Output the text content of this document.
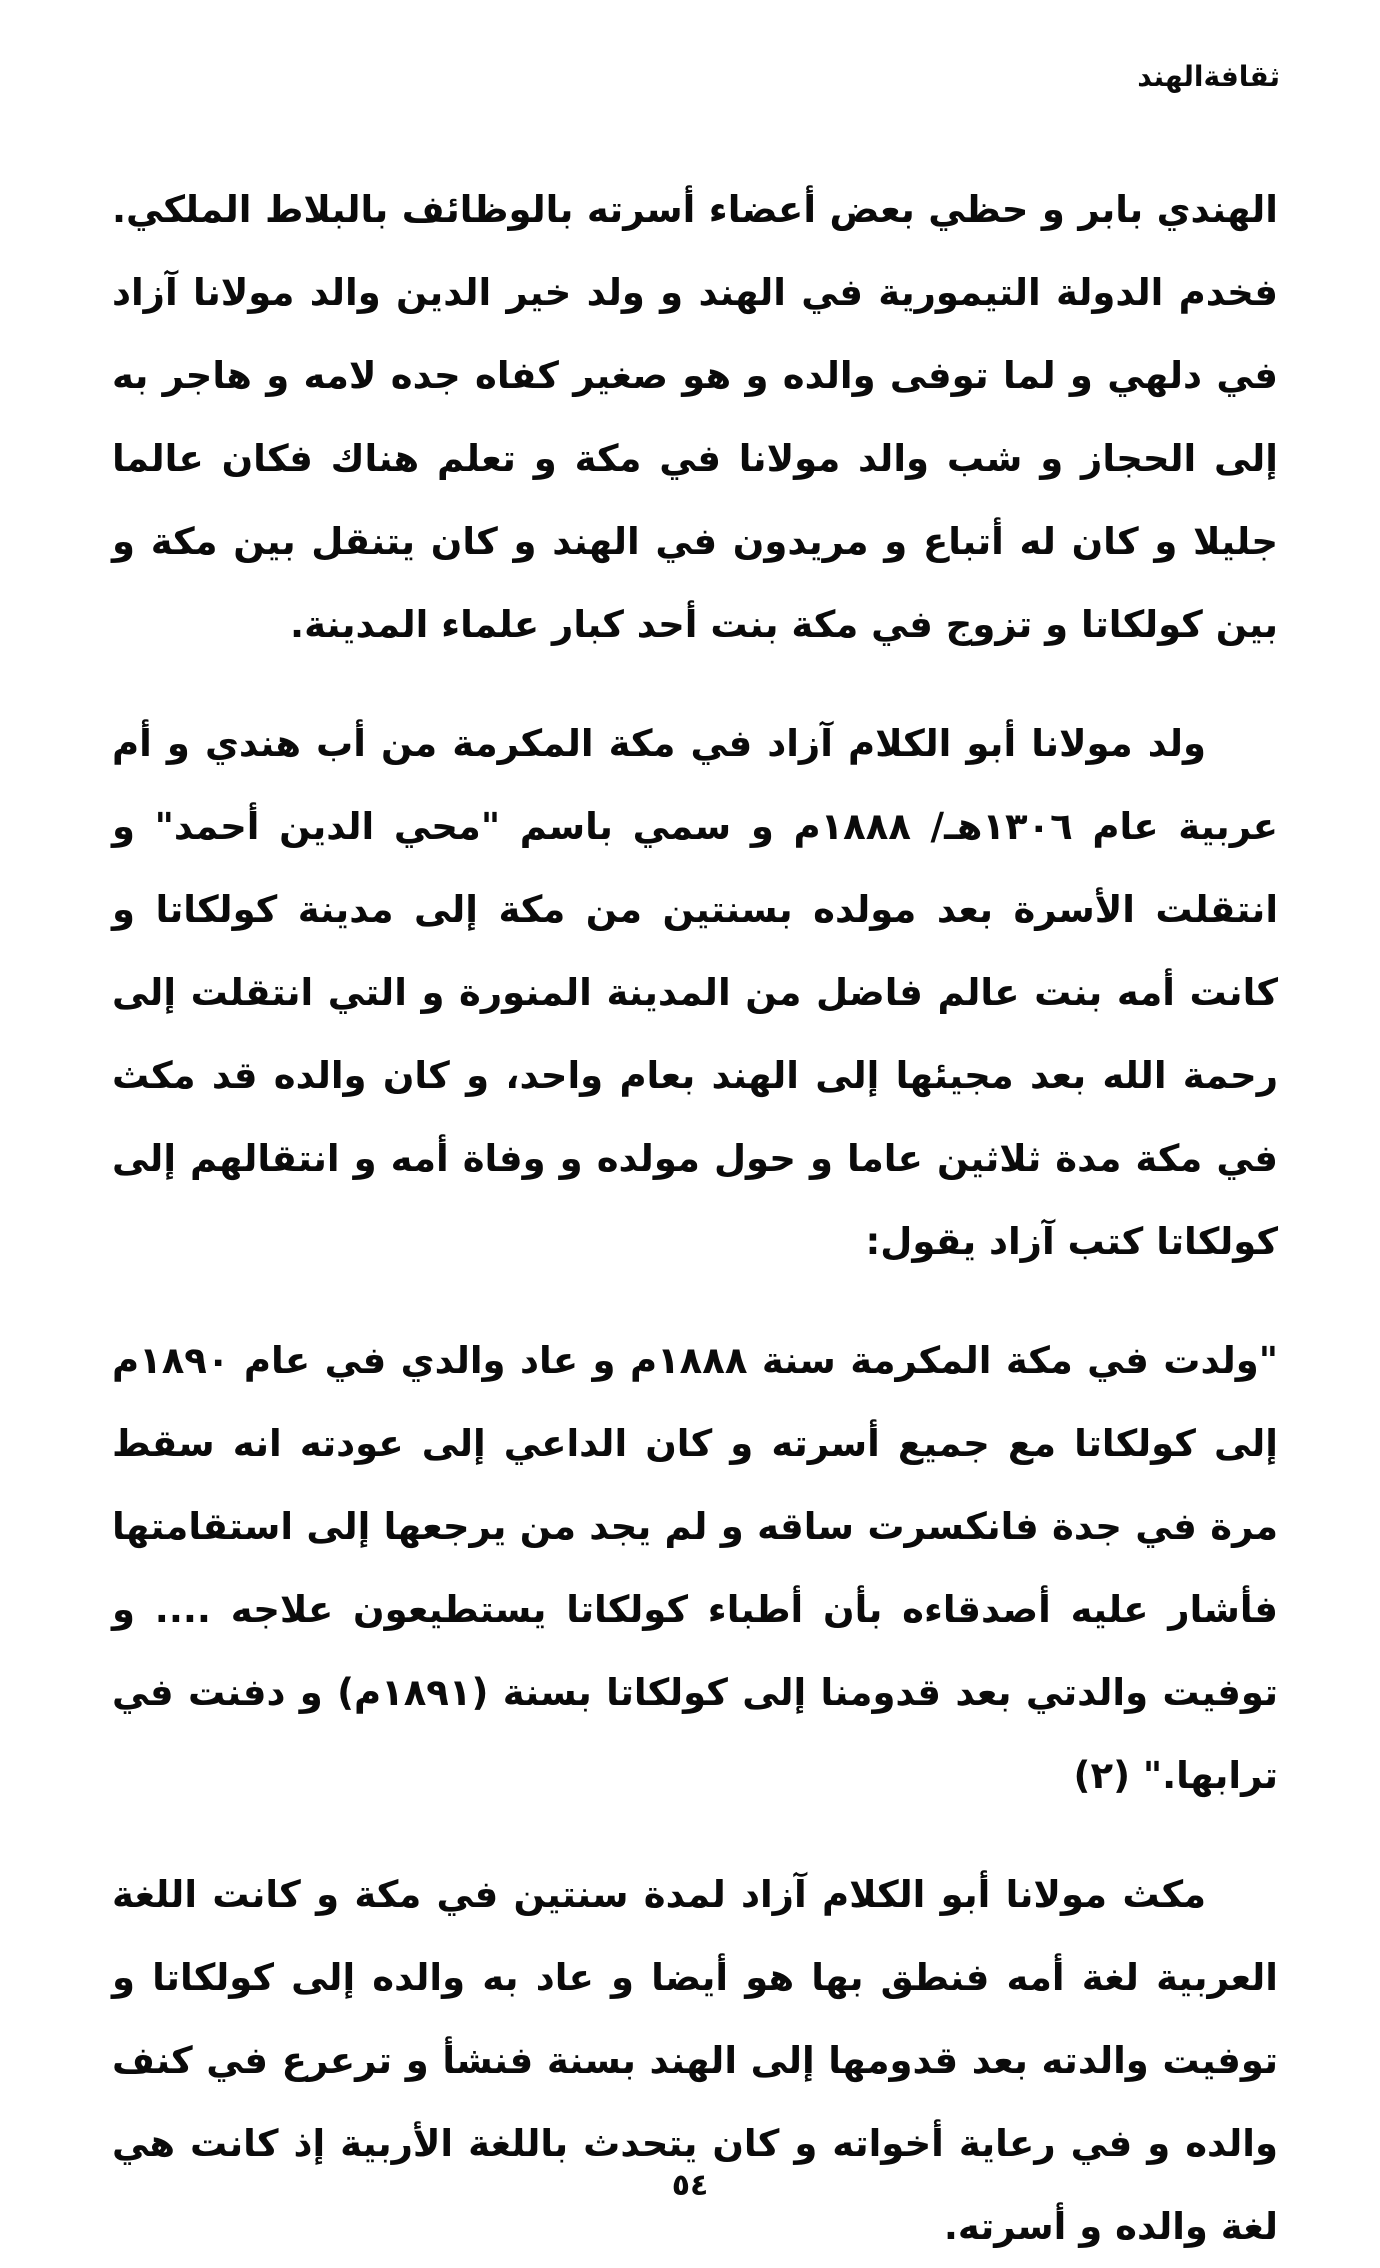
ثقافةالهند

الهندي بابر و حظي بعض أعضاء أسرته بالوظائف بالبلاط الملكي. فخدم الدولة التيمورية في الهند و ولد خير الدين والد مولانا آزاد في دلهي و لما توفى والده و هو صغير كفاه جده لامه و هاجر به إلى الحجاز و شب والد مولانا في مكة و تعلم هناك فكان عالما جليلا و كان له أتباع و مريدون في الهند و كان يتنقل بين مكة و بين كولكاتا و تزوج في مكة بنت أحد كبار علماء المدينة.

ولد مولانا أبو الكلام آزاد في مكة المكرمة من أب هندي و أم عربية عام ١٣٠٦هـ/ ١٨٨٨م و سمي باسم "محي الدين أحمد" و انتقلت الأسرة بعد مولده بسنتين من مكة إلى مدينة كولكاتا و كانت أمه بنت عالم فاضل من المدينة المنورة و التي انتقلت إلى رحمة الله بعد مجيئها إلى الهند بعام واحد، و كان والده قد مكث في مكة مدة ثلاثين عاما و حول مولده و وفاة أمه و انتقالهم إلى كولكاتا كتب آزاد يقول:

"ولدت في مكة المكرمة سنة ١٨٨٨م و عاد والدي في عام ١٨٩٠م إلى كولكاتا مع جميع أسرته و كان الداعي إلى عودته انه سقط مرة في جدة فانكسرت ساقه و لم يجد من يرجعها إلى استقامتها فأشار عليه أصدقاءه بأن أطباء كولكاتا يستطيعون علاجه .... و توفيت والدتي بعد قدومنا إلى كولكاتا بسنة (١٨٩١م) و دفنت في ترابها." (٢)

مكث مولانا أبو الكلام آزاد لمدة سنتين في مكة و كانت اللغة العربية لغة أمه فنطق بها هو أيضا و عاد به والده إلى كولكاتا و توفيت والدته بعد قدومها إلى الهند بسنة فنشأ و ترعرع في كنف والده و في رعاية أخواته و كان يتحدث باللغة الأربية إذ كانت هي لغة والده و أسرته.

٥٤
